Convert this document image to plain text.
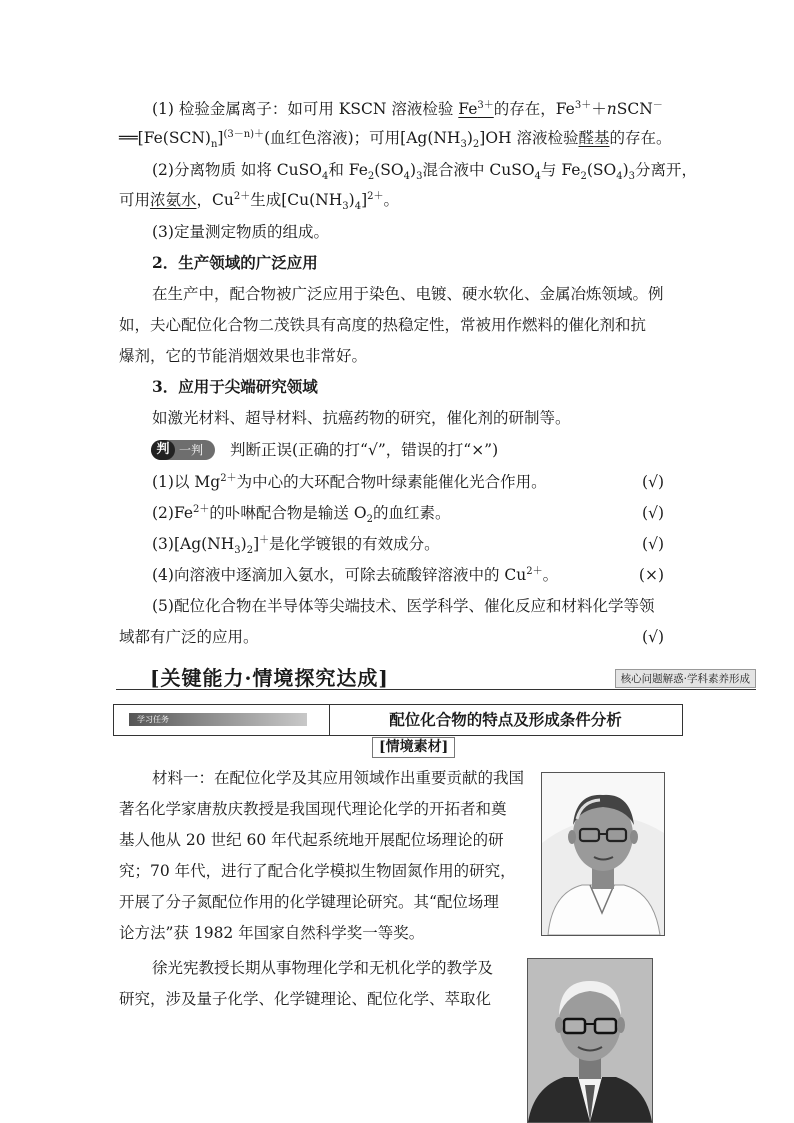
(1) 检验金属离子：如可用 KSCN 溶液检验 $Fe^{3+}$的存在，$Fe^{3+}+nSCN^-$
$══[Fe(SCN)_n]^{(3-n)+}$(血红色溶液)；可用$[Ag(NH_3)_2]OH$ 溶液检验醛基的存在。
(2)分离物质 如将 CuSO$_4$和 $Fe_2(SO_4)_3$混合液中 CuSO$_4$与 $Fe_2(SO_4)_3$分离开，
可用浓氨水，$Cu^{2+}$生成$[Cu(NH_3)_4]^{2+}$。
(3)定量测定物质的组成。
2．生产领域的广泛应用
在生产中，配合物被广泛应用于染色、电镀、硬水软化、金属冶炼领域。例
如，夫心配位化合物二茂铁具有高度的热稳定性，常被用作燃料的催化剂和抗
爆剂，它的节能消烟效果也非常好。
3．应用于尖端研究领域
如激光材料、超导材料、抗癌药物的研究，催化剂的研制等。
判 一判 判断正误(正确的打“√”，错误的打“×”)
(1)以 $Mg^{2+}$为中心的大环配合物叶绿素能催化光合作用。	(√)
$(2)Fe^{2+}$的卟啉配合物是输送 $O_2$的血红素。	(√)
$(3)[Ag(NH_3)_2]^+$是化学镀银的有效成分。	(√)
(4)向溶液中逐滴加入氨水，可除去硫酸锌溶液中的 $Cu^{2+}$。	(×)
(5)配位化合物在半导体等尖端技术、医学科学、催化反应和材料化学等领
域都有广泛的应用。	(√)
[关键能力·情境探究达成]	核心问题解惑·学科素养形成
学习任务	配位化合物的特点及形成条件分析
[情境素材]
材料一：在配位化学及其应用领域作出重要贡献的我国
著名化学家唐敖庆教授是我国现代理论化学的开拓者和奠
基人他从 20 世纪 60 年代起系统地开展配位场理论的研
究；70 年代，进行了配合化学模拟生物固氮作用的研究，
开展了分子氮配位作用的化学键理论研究。其“配位场理
论方法”获 1982 年国家自然科学奖一等奖。
徐光宪教授长期从事物理化学和无机化学的教学及
研究，涉及量子化学、化学键理论、配位化学、萃取化
